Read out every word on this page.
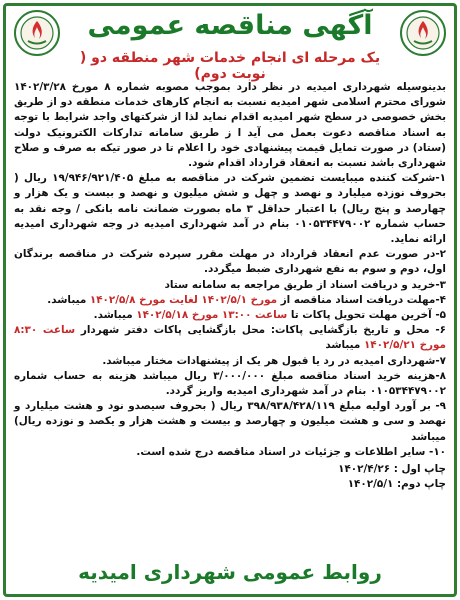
آگهی مناقصه عمومی
یک مرحله ای انجام خدمات شهر منطقه دو ( نوبت دوم)

بدینوسیله شهرداری امیدیه در نظر دارد بموجب مصوبه شماره ۸ مورخ ۱۴۰۲/۳/۲۸ شورای محترم اسلامی شهر امیدیه نسبت به انجام کارهای خدمات منطقه دو از طریق بخش خصوصی در سطح شهر امیدیه اقدام نماید لذا از شرکتهای واجد شرایط با توجه به اسناد مناقصه دعوت بعمل می آید ا ز طریق سامانه تدارکات الکترونیک دولت (ستاد) در صورت تمایل قیمت پیشنهادی خود را اعلام تا در صور تیکه به صرف و صلاح شهرداری باشد نسبت به انعقاد قرارداد اقدام شود.

۱-شرکت کننده میبایست تضمین شرکت در مناقصه به مبلغ ۱۹/۹۴۶/۹۲۱/۴۰۵ ریال ( بحروف نوزده میلیارد و نهصد و چهل و شش میلیون و نهصد و بیست و یک هزار و چهارصد و پنج ریال) با اعتبار حداقل ۳ ماه بصورت ضمانت نامه بانکی / وجه نقد به حساب شماره ۰۱۰۵۳۴۴۷۹۰۰۲ بنام در آمد شهرداری امیدیه در وجه شهرداری امیدیه ارائه نماید.

۲-در صورت عدم انعقاد قرارداد در مهلت مقرر سپرده شرکت در مناقصه برندگان اول، دوم و سوم به نفع شهرداری ضبط میگردد.

۳-خرید و دریافت اسناد از طریق مراجعه به سامانه ستاد

۴-مهلت دریافت اسناد مناقصه از مورخ ۱۴۰۲/۵/۱ لغایت مورخ ۱۴۰۲/۵/۸ میباشد.

۵- آخرین مهلت تحویل پاکات تا ساعت ۱۳:۰۰ مورخ ۱۴۰۲/۵/۱۸ میباشد.

۶- محل و تاریخ بازگشایی پاکات: محل بازگشایی پاکات دفتر شهردار ساعت ۸:۳۰ مورخ ۱۴۰۲/۵/۲۱ میباشد

۷-شهرداری امیدیه در رد یا قبول هر یک از پیشنهادات مختار میباشد.

۸-هزینه خرید اسناد مناقصه مبلغ ۳/۰۰۰/۰۰۰ ریال میباشد هزینه به حساب شماره ۰۱۰۵۳۴۴۷۹۰۰۲ بنام در آمد شهرداری امیدیه واریز گردد.

۹- بر آورد اولیه مبلغ ۳۹۸/۹۳۸/۴۲۸/۱۱۹ ریال ( بحروف سیصدو نود و هشت میلیارد و نهصد و سی و هشت میلیون و چهارصد و بیست و هشت هزار و یکصد و نوزده ریال) میباشد

۱۰- سایر اطلاعات و جزئیات در اسناد مناقصه درج شده است.

چاپ اول : ۱۴۰۲/۴/۲۶
چاپ دوم: ۱۴۰۲/۵/۱
روابط عمومی شهرداری امیدیه
